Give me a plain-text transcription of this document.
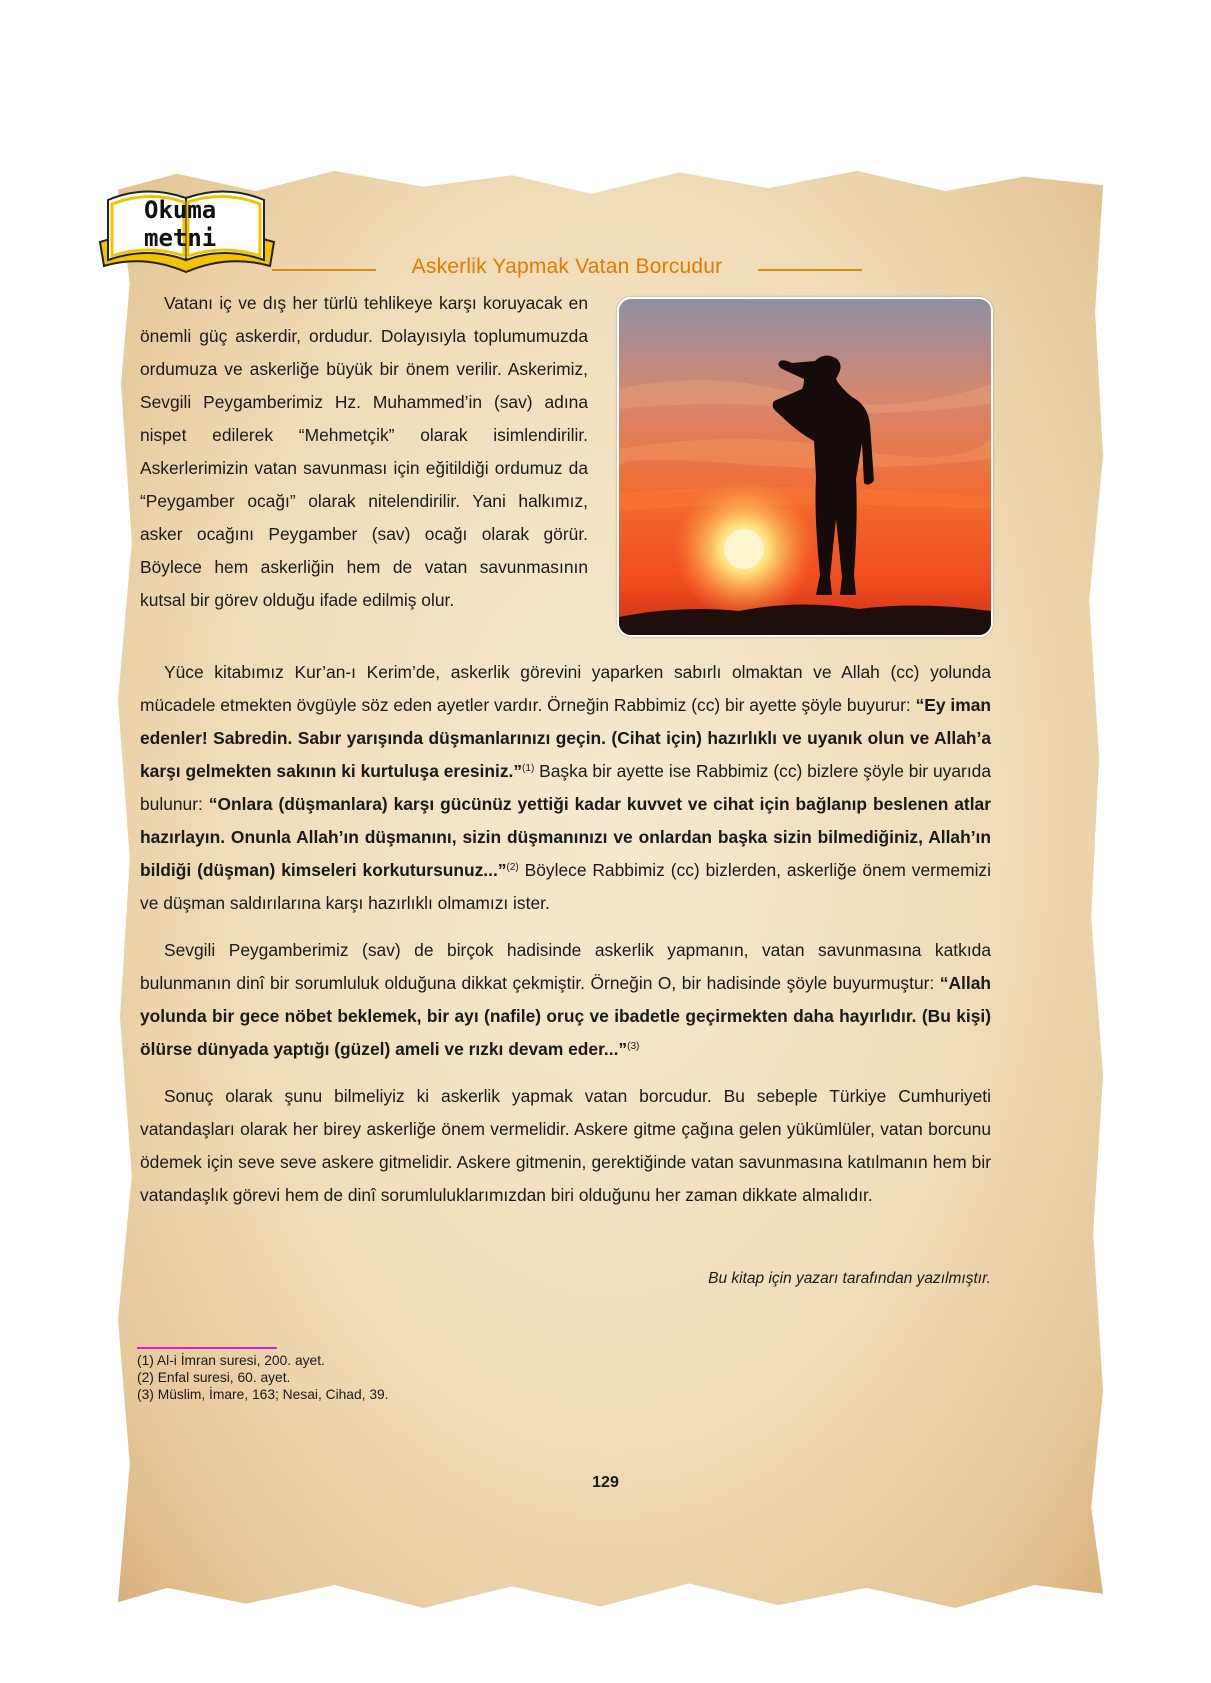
Okuma
metni
Askerlik Yapmak Vatan Borcudur

Vatanı iç ve dış her türlü tehlikeye karşı koruyacak en önemli güç askerdir, ordudur. Dolayısıyla toplumumuzda ordumuza ve askerliğe büyük bir önem verilir. Askerimiz, Sevgili Peygamberimiz Hz. Muhammed’in (sav) adına nispet edilerek “Mehmetçik” olarak isimlendirilir. Askerlerimizin vatan savunması için eğitildiği ordumuz da “Peygamber ocağı” olarak nitelendirilir. Yani halkımız, asker ocağını Peygamber (sav) ocağı olarak görür. Böylece hem askerliğin hem de vatan savunmasının kutsal bir görev olduğu ifade edilmiş olur.

Yüce kitabımız Kur’an-ı Kerim’de, askerlik görevini yaparken sabırlı olmaktan ve Allah (cc) yolunda mücadele etmekten övgüyle söz eden ayetler vardır. Örneğin Rabbimiz (cc) bir ayette şöyle buyurur: “Ey iman edenler! Sabredin. Sabır yarışında düşmanlarınızı geçin. (Cihat için) hazırlıklı ve uyanık olun ve Allah’a karşı gelmekten sakının ki kurtuluşa eresiniz.”$^{(1)}$ Başka bir ayette ise Rabbimiz (cc) bizlere şöyle bir uyarıda bulunur: “Onlara (düşmanlara) karşı gücünüz yettiği kadar kuvvet ve cihat için bağlanıp beslenen atlar hazırlayın. Onunla Allah’ın düşmanını, sizin düşmanınızı ve onlardan başka sizin bilmediğiniz, Allah’ın bildiği (düşman) kimseleri korkutursunuz...”$^{(2)}$ Böylece Rabbimiz (cc) bizlerden, askerliğe önem vermemizi ve düşman saldırılarına karşı hazırlıklı olmamızı ister.

Sevgili Peygamberimiz (sav) de birçok hadisinde askerlik yapmanın, vatan savunmasına katkıda bulunmanın dinî bir sorumluluk olduğuna dikkat çekmiştir. Örneğin O, bir hadisinde şöyle buyurmuştur: “Allah yolunda bir gece nöbet beklemek, bir ayı (nafile) oruç ve ibadetle geçirmekten daha hayırlıdır. (Bu kişi) ölürse dünyada yaptığı (güzel) ameli ve rızkı devam eder...”$^{(3)}$

Sonuç olarak şunu bilmeliyiz ki askerlik yapmak vatan borcudur. Bu sebeple Türkiye Cumhuriyeti vatandaşları olarak her birey askerliğe önem vermelidir. Askere gitme çağına gelen yükümlüler, vatan borcunu ödemek için seve seve askere gitmelidir. Askere gitmenin, gerektiğinde vatan savunmasına katılmanın hem bir vatandaşlık görevi hem de dinî sorumluluklarımızdan biri olduğunu her zaman dikkate almalıdır.

Bu kitap için yazarı tarafından yazılmıştır.
(1) Al-i İmran suresi, 200. ayet.
(2) Enfal suresi, 60. ayet.
(3) Müslim, İmare, 163; Nesai, Cihad, 39.
129
